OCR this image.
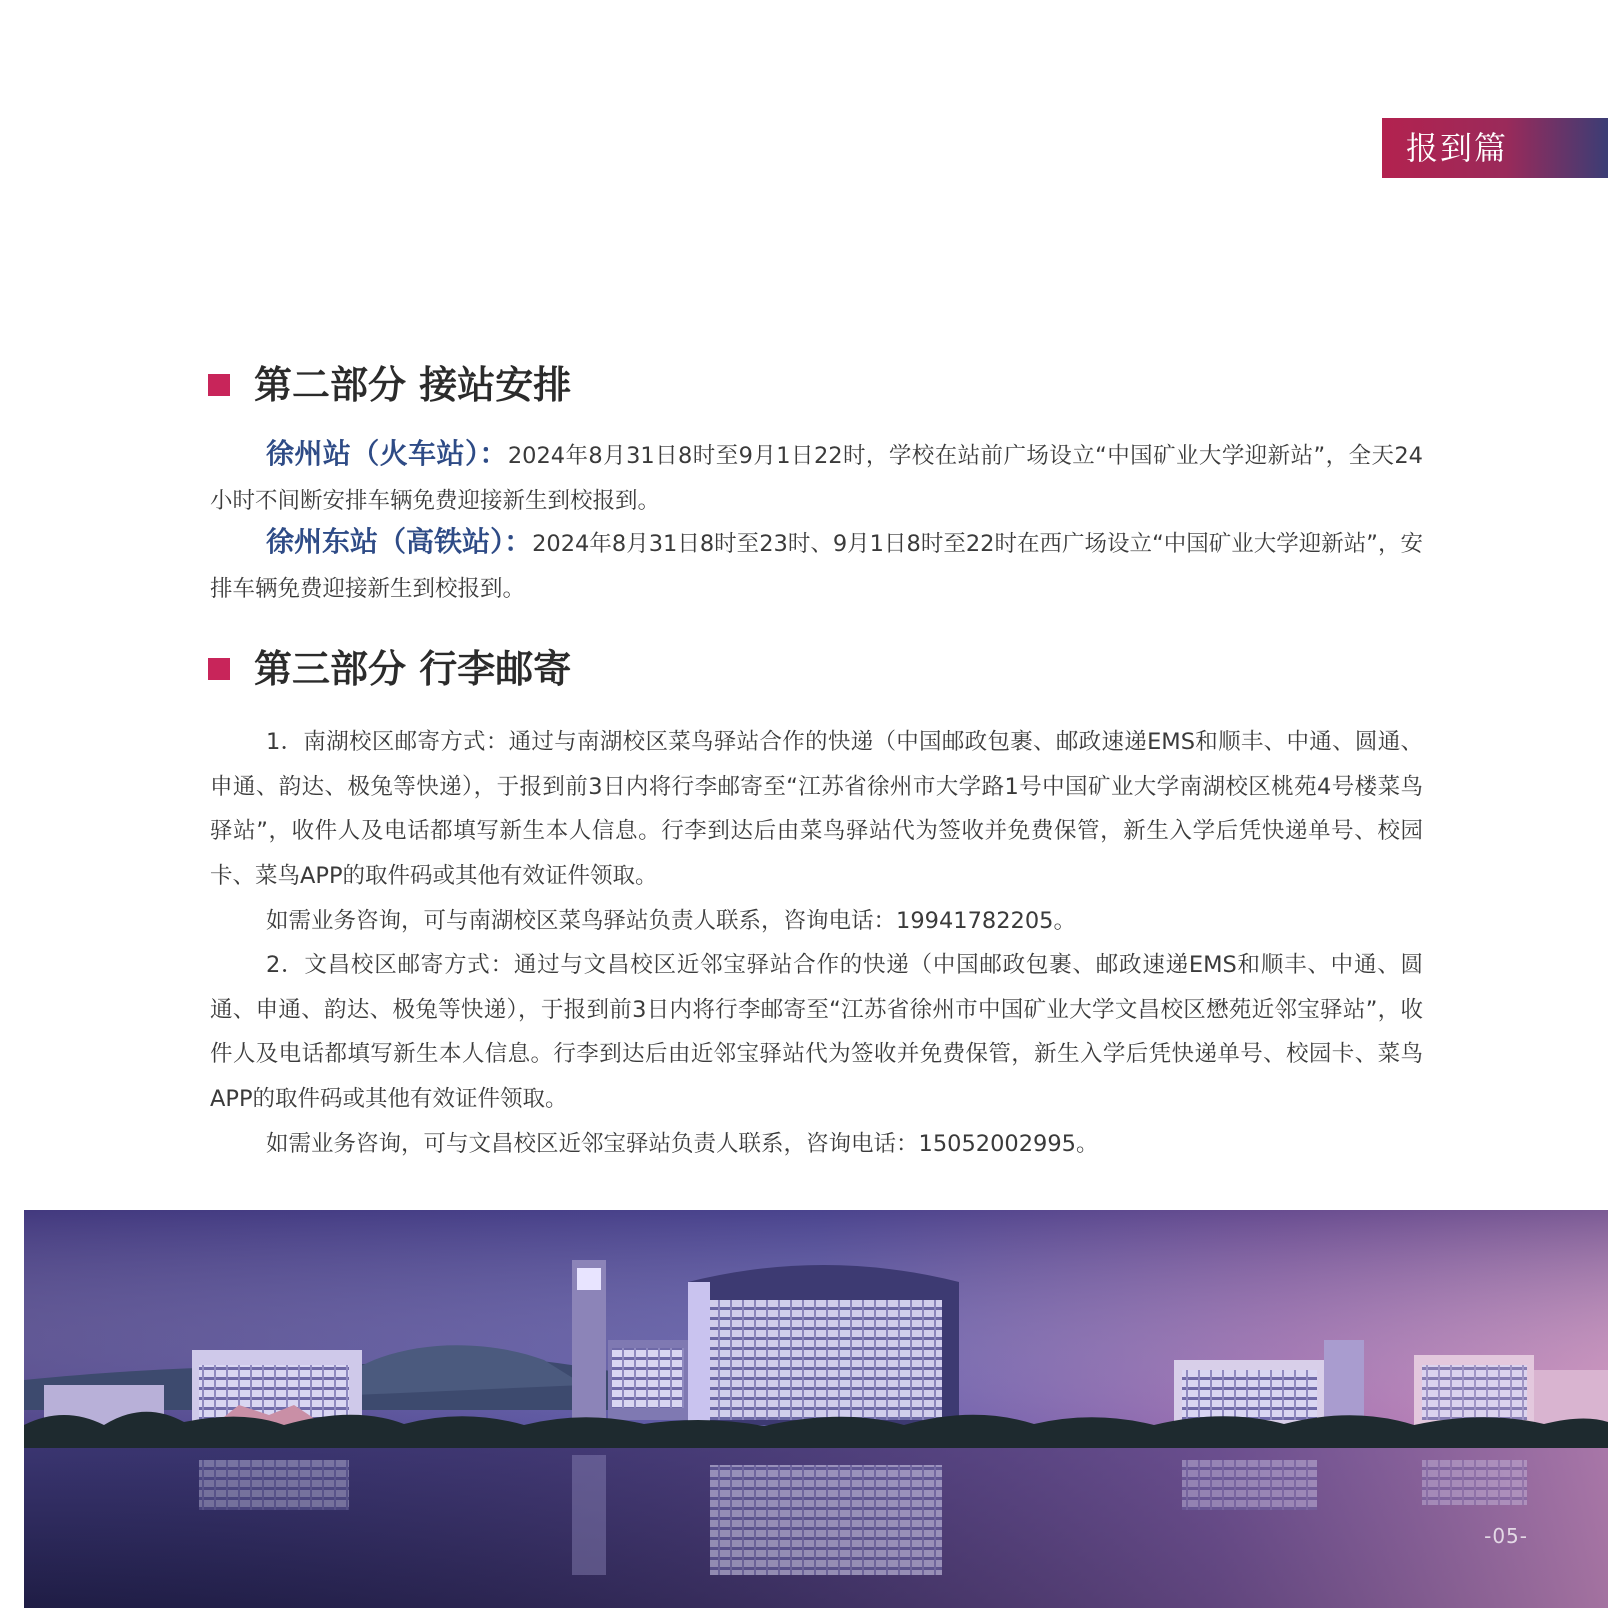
报到篇
第二部分 接站安排
徐州站（火车站）：2024年8月31日8时至9月1日22时，学校在站前广场设立“中国矿业大学迎新站”，全天24小时不间断安排车辆免费迎接新生到校报到。
徐州东站（高铁站）：2024年8月31日8时至23时、9月1日8时至22时在西广场设立“中国矿业大学迎新站”，安排车辆免费迎接新生到校报到。
第三部分 行李邮寄
1．南湖校区邮寄方式：通过与南湖校区菜鸟驿站合作的快递（中国邮政包裹、邮政速递EMS和顺丰、中通、圆通、申通、韵达、极兔等快递），于报到前3日内将行李邮寄至“江苏省徐州市大学路1号中国矿业大学南湖校区桃苑4号楼菜鸟驿站”，收件人及电话都填写新生本人信息。行李到达后由菜鸟驿站代为签收并免费保管，新生入学后凭快递单号、校园卡、菜鸟APP的取件码或其他有效证件领取。
如需业务咨询，可与南湖校区菜鸟驿站负责人联系，咨询电话：19941782205。
2．文昌校区邮寄方式：通过与文昌校区近邻宝驿站合作的快递（中国邮政包裹、邮政速递EMS和顺丰、中通、圆通、申通、韵达、极兔等快递），于报到前3日内将行李邮寄至“江苏省徐州市中国矿业大学文昌校区懋苑近邻宝驿站”，收件人及电话都填写新生本人信息。行李到达后由近邻宝驿站代为签收并免费保管，新生入学后凭快递单号、校园卡、菜鸟APP的取件码或其他有效证件领取。
如需业务咨询，可与文昌校区近邻宝驿站负责人联系，咨询电话：15052002995。
-05-
